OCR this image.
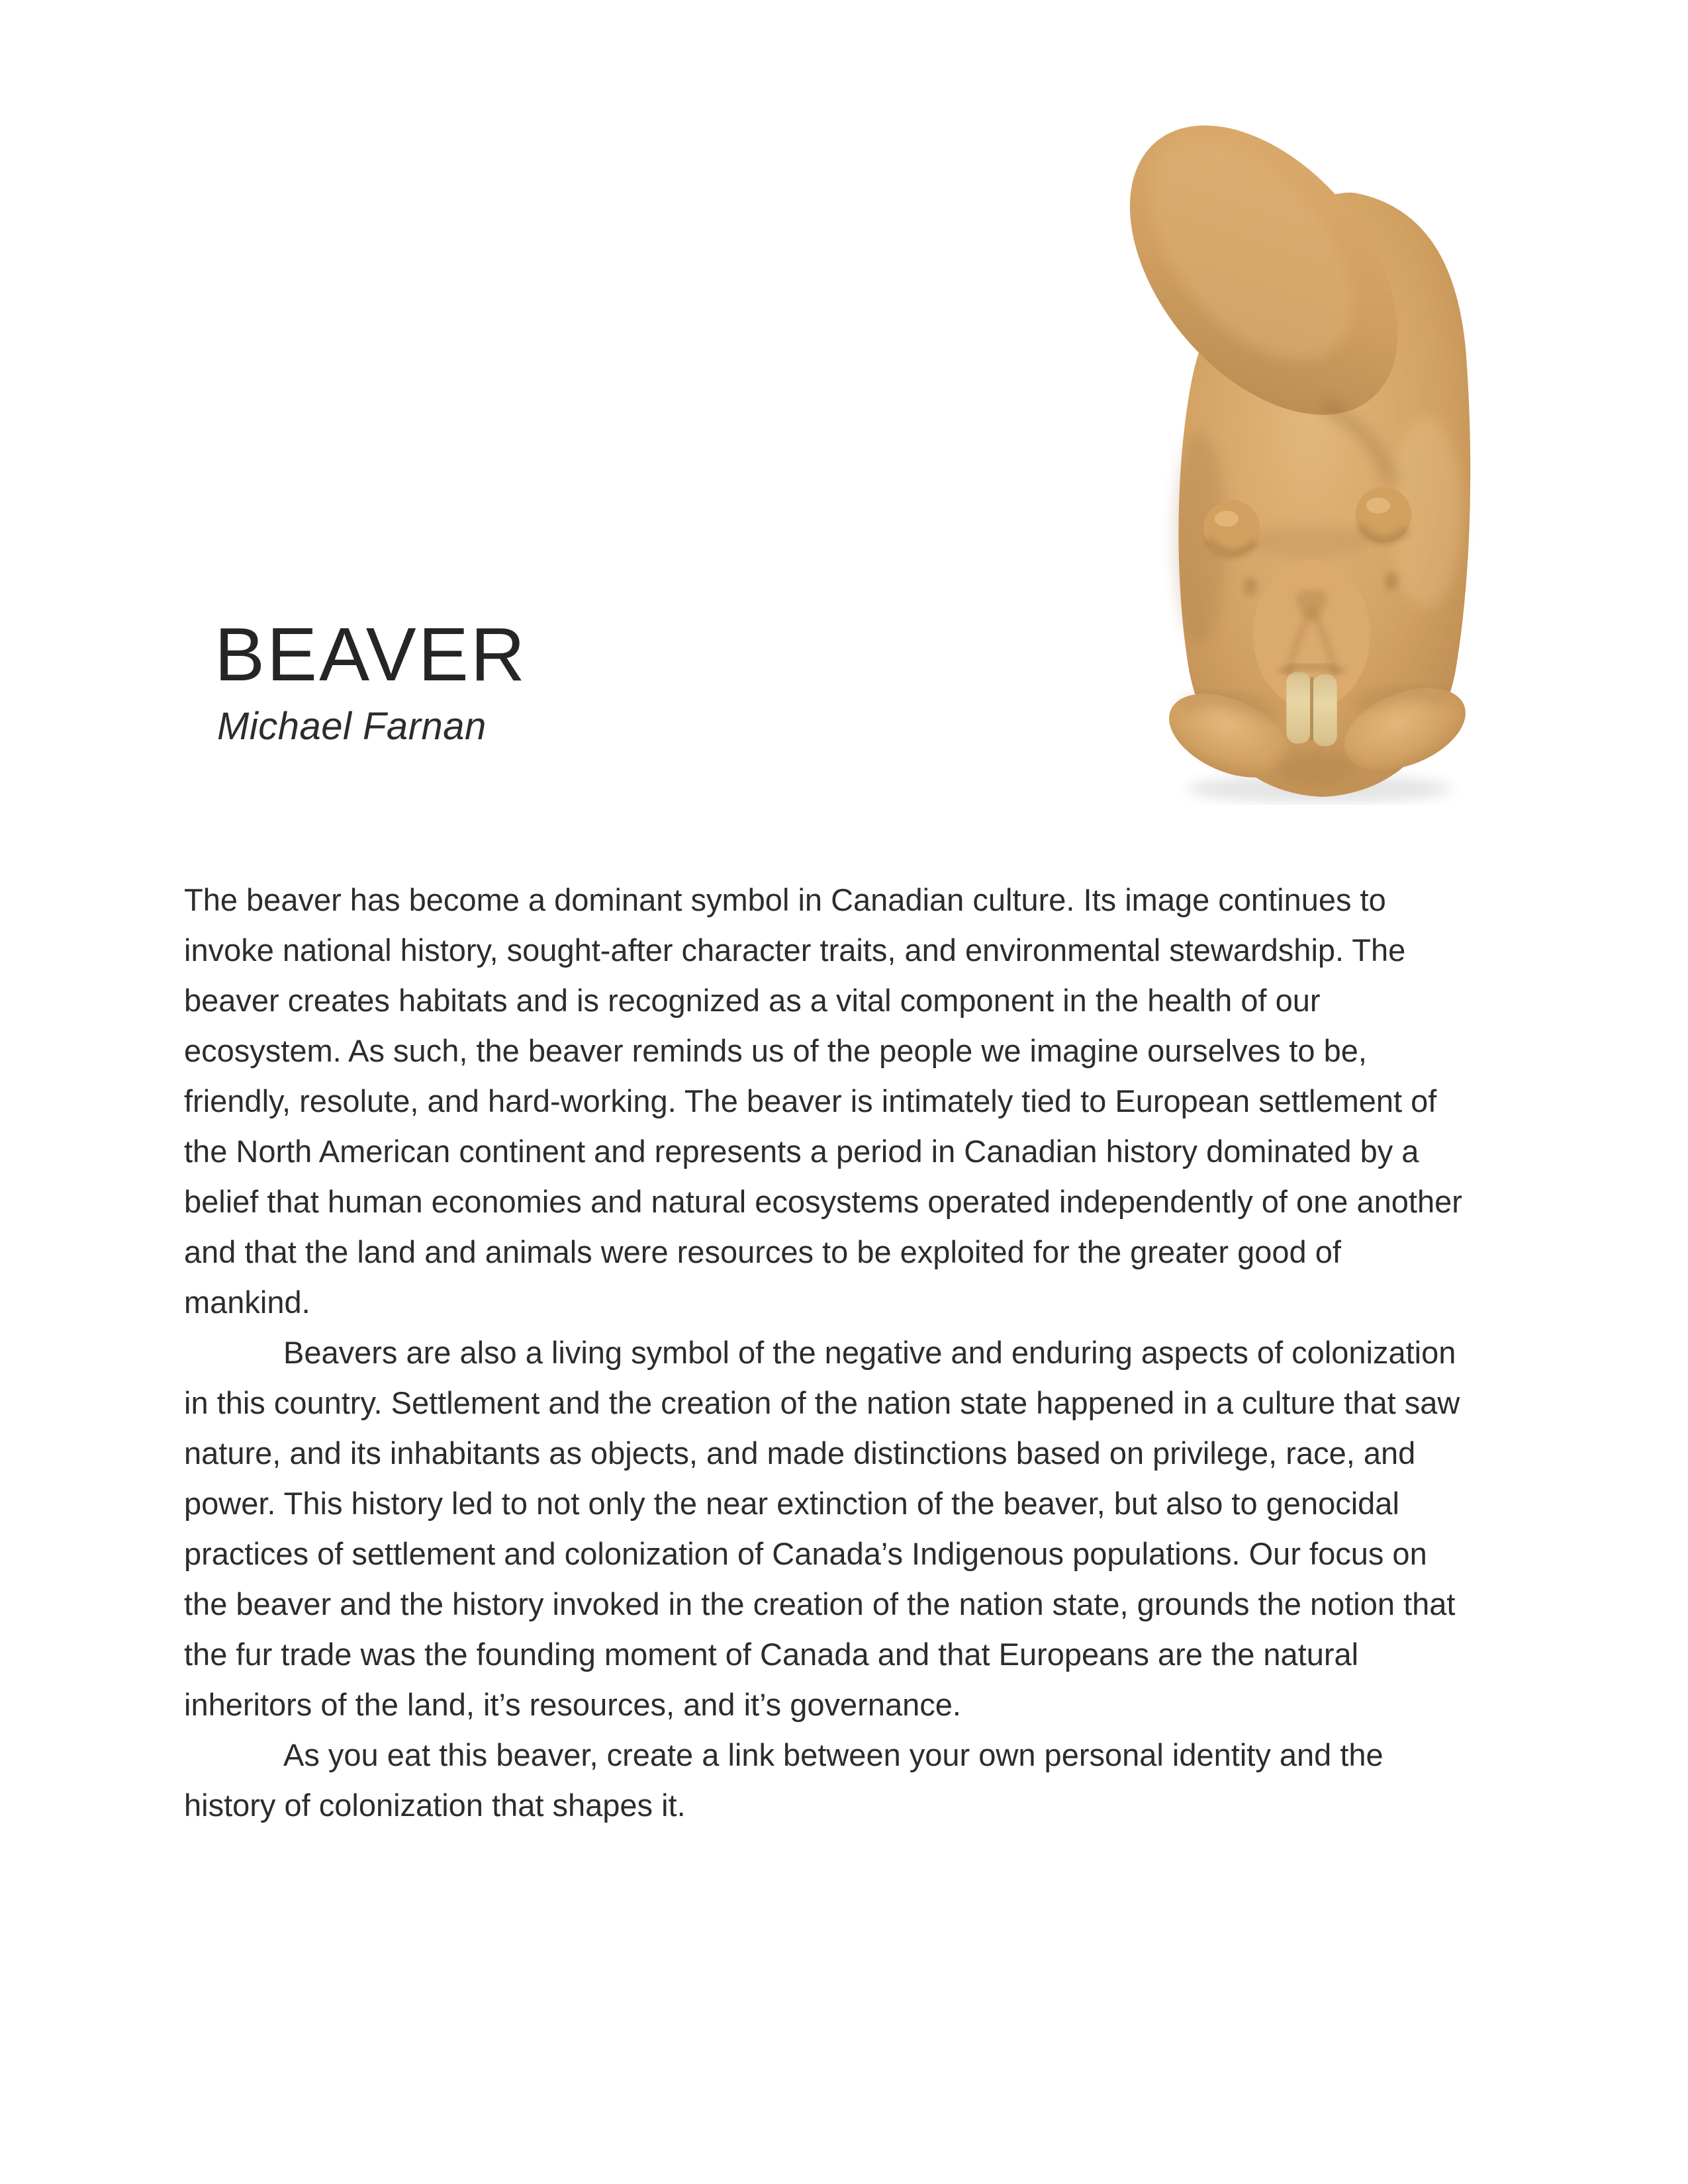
BEAVER

Michael Farnan

The beaver has become a dominant symbol in Canadian culture. Its image continues to invoke national history, sought-after character traits, and environmental stewardship. The beaver creates habitats and is recognized as a vital component in the health of our ecosystem. As such, the beaver reminds us of the people we imagine ourselves to be, friendly, resolute, and hard-working. The beaver is intimately tied to European settlement of the North American continent and represents a period in Canadian history dominated by a belief that human economies and natural ecosystems operated independently of one another and that the land and animals were resources to be exploited for the greater good of mankind.

Beavers are also a living symbol of the negative and enduring aspects of colonization in this country. Settlement and the creation of the nation state happened in a culture that saw nature, and its inhabitants as objects, and made distinctions based on privilege, race, and power. This history led to not only the near extinction of the beaver, but also to genocidal practices of settlement and colonization of Canada’s Indigenous populations. Our focus on the beaver and the history invoked in the creation of the nation state, grounds the notion that the fur trade was the founding moment of Canada and that Europeans are the natural inheritors of the land, it’s resources, and it’s governance.

As you eat this beaver, create a link between your own personal identity and the history of colonization that shapes it.
